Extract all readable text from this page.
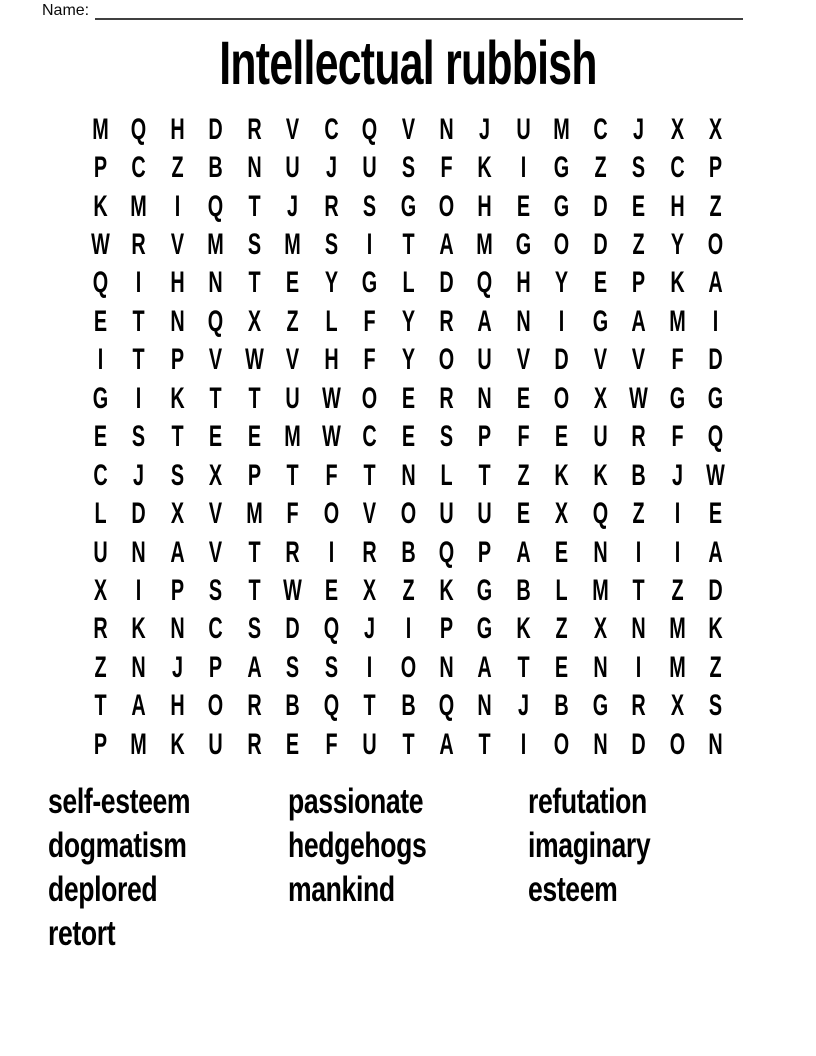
Name:
Intellectual rubbish
M Q H D R V C Q V N J U M C J X X
P C Z B N U J U S F K I G Z S C P
K M I Q T J R S G O H E G D E H Z
W R V M S M S I T A M G O D Z Y O
Q I H N T E Y G L D Q H Y E P K A
E T N Q X Z L F Y R A N I G A M I
I T P V W V H F Y O U V D V V F D
G I K T T U W O E R N E O X W G G
E S T E E M W C E S P F E U R F Q
C J S X P T F T N L T Z K K B J W
L D X V M F O V O U U E X Q Z I E
U N A V T R I R B Q P A E N I	I A
X I P S T W E X Z K G B L M T Z D
R K N C S D Q J	I P G K Z X N M K
Z N J P A S S I O N A T E N I M Z
T A H O R B Q T B Q N J B G R X S
P M K U R E F U T A T I O N D O N
self-esteem	passionate	refutation
dogmatism	hedgehogs	imaginary
deplored	mankind	esteem
retort
